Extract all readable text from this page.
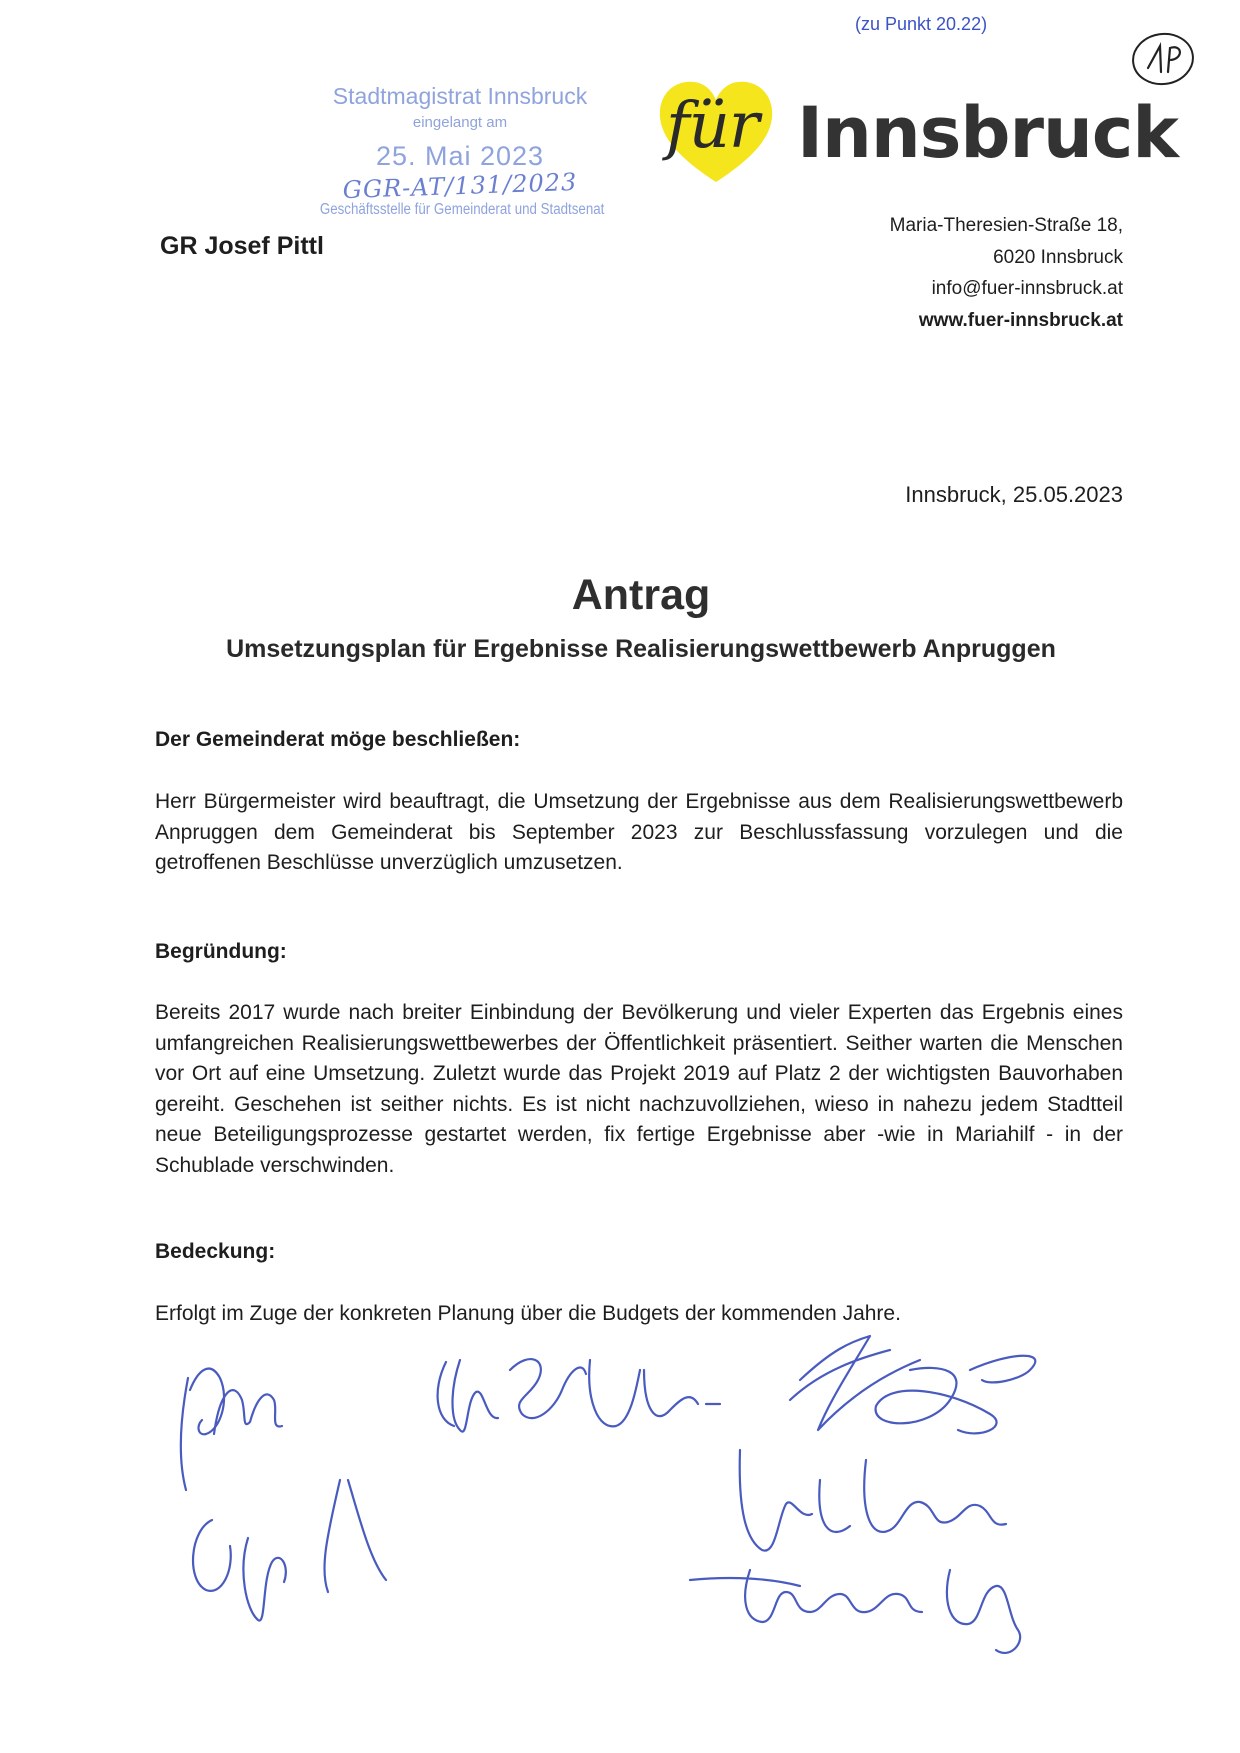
(zu Punkt 20.22)
Stadtmagistrat Innsbruck
eingelangt am
25. Mai 2023
GGR-AT/131/2023
Geschäftsstelle für Gemeinderat und Stadtsenat
für Innsbruck
GR Josef Pittl
Maria-Theresien-Straße 18,
6020 Innsbruck
info@fuer-innsbruck.at
www.fuer-innsbruck.at
Innsbruck, 25.05.2023
Antrag
Umsetzungsplan für Ergebnisse Realisierungswettbewerb Anpruggen
Der Gemeinderat möge beschließen:
Herr Bürgermeister wird beauftragt, die Umsetzung der Ergebnisse aus dem Realisierungswettbewerb Anpruggen dem Gemeinderat bis September 2023 zur Beschlussfassung vorzulegen und die getroffenen Beschlüsse unverzüglich umzusetzen.
Begründung:
Bereits 2017 wurde nach breiter Einbindung der Bevölkerung und vieler Experten das Ergebnis eines umfangreichen Realisierungswettbewerbes der Öffentlichkeit präsentiert. Seither warten die Menschen vor Ort auf eine Umsetzung. Zuletzt wurde das Projekt 2019 auf Platz 2 der wichtigsten Bauvorhaben gereiht. Geschehen ist seither nichts. Es ist nicht nachzuvollziehen, wieso in nahezu jedem Stadtteil neue Beteiligungsprozesse gestartet werden, fix fertige Ergebnisse aber -wie in Mariahilf - in der Schublade verschwinden.
Bedeckung:
Erfolgt im Zuge der konkreten Planung über die Budgets der kommenden Jahre.
